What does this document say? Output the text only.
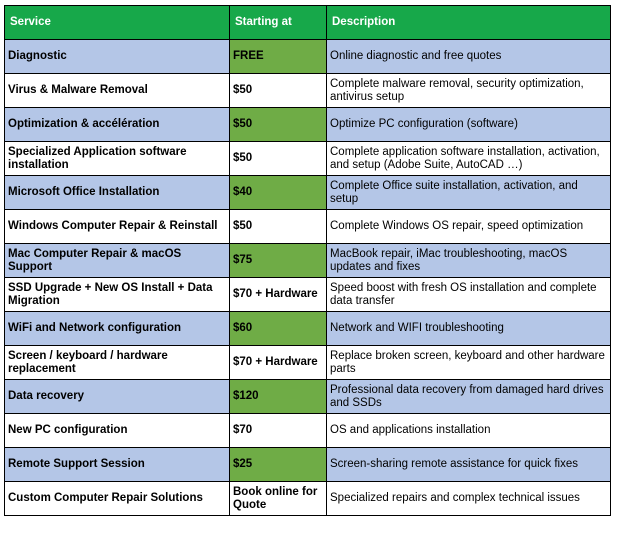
Service	Starting at	Description
Diagnostic	FREE	Online diagnostic and free quotes
Virus & Malware Removal	$50	Complete malware removal, security optimization, antivirus setup
Optimization & accélération	$50	Optimize PC configuration (software)
Specialized Application software installation	$50	Complete application software installation, activation, and setup (Adobe Suite, AutoCAD …)
Microsoft Office Installation	$40	Complete Office suite installation, activation, and setup
Windows Computer Repair & Reinstall	$50	Complete Windows OS repair, speed optimization
Mac Computer Repair & macOS Support	$75	MacBook repair, iMac troubleshooting, macOS updates and fixes
SSD Upgrade + New OS Install + Data Migration	$70 + Hardware	Speed boost with fresh OS installation and complete data transfer
WiFi and Network configuration	$60	Network and WIFI troubleshooting
Screen / keyboard / hardware replacement	$70 + Hardware	Replace broken screen, keyboard and other hardware parts
Data recovery	$120	Professional data recovery from damaged hard drives and SSDs
New PC configuration	$70	OS and applications installation
Remote Support Session	$25	Screen-sharing remote assistance for quick fixes
Custom Computer Repair Solutions	Book online for Quote	Specialized repairs and complex technical issues
